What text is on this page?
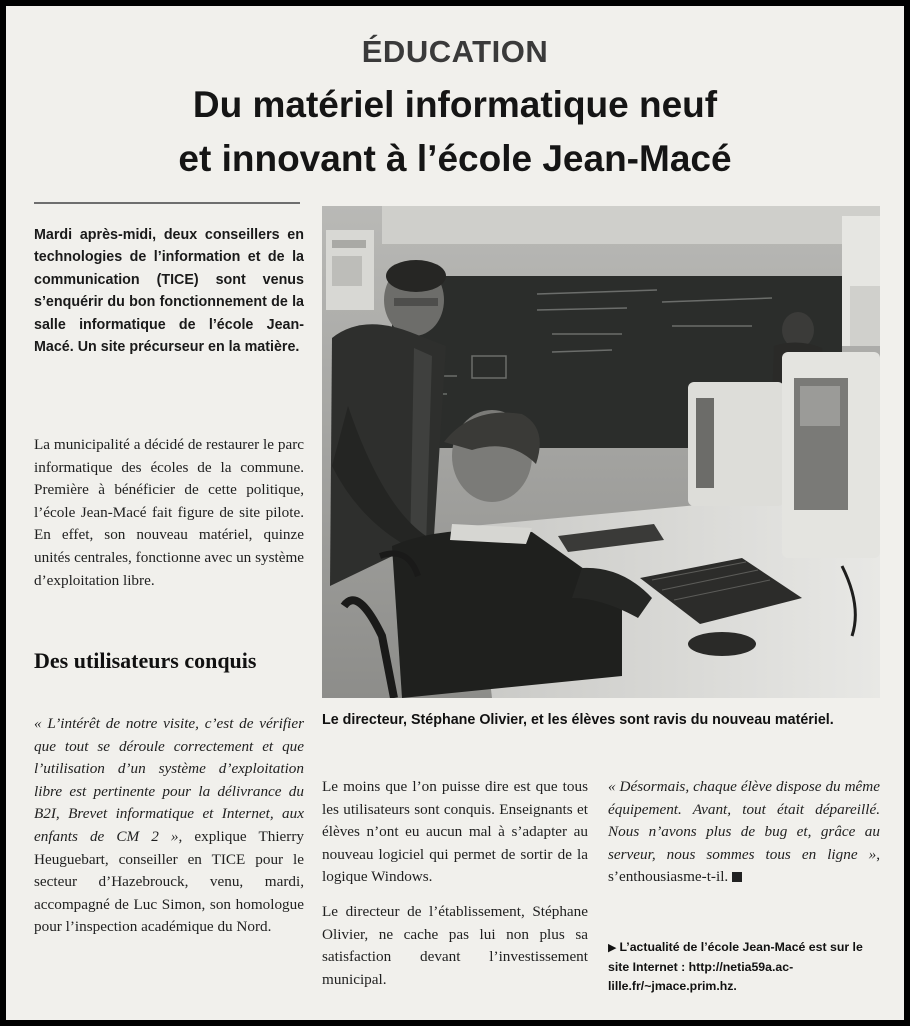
ÉDUCATION
Du matériel informatique neuf
et innovant à l’école Jean-Macé
Mardi après-midi, deux conseillers en technologies de l’information et de la communication (TICE) sont venus s’enquérir du bon fonctionnement de la salle informatique de l’école Jean-Macé. Un site précurseur en la matière.
La municipalité a décidé de restaurer le parc informatique des écoles de la commune. Première à bénéficier de cette politique, l’école Jean-Macé fait figure de site pilote. En effet, son nouveau matériel, quinze unités centrales, fonctionne avec un système d’exploitation libre.
Des utilisateurs conquis
« L’intérêt de notre visite, c’est de vérifier que tout se déroule correctement et que l’utilisation d’un système d’exploitation libre est pertinente pour la délivrance du B2I, Brevet informatique et Internet, aux enfants de CM 2 », explique Thierry Heuguebart, conseiller en TICE pour le secteur d’Hazebrouck, venu, mardi, accompagné de Luc Simon, son homologue pour l’inspection académique du Nord.
Le directeur, Stéphane Olivier, et les élèves sont ravis du nouveau matériel.

Le moins que l’on puisse dire est que tous les utilisateurs sont conquis. Enseignants et élèves n’ont eu aucun mal à s’adapter au nouveau logiciel qui permet de sortir de la logique Windows.

Le directeur de l’établissement, Stéphane Olivier, ne cache pas lui non plus sa satisfaction devant l’investissement municipal.

« Désormais, chaque élève dispose du même équipement. Avant, tout était dépareillé. Nous n’avons plus de bug et, grâce au serveur, nous sommes tous en ligne », s’enthousiasme-t-il.

▶ L’actualité de l’école Jean-Macé est sur le site Internet : http://netia59a.ac-lille.fr/~jmace.prim.hz.
